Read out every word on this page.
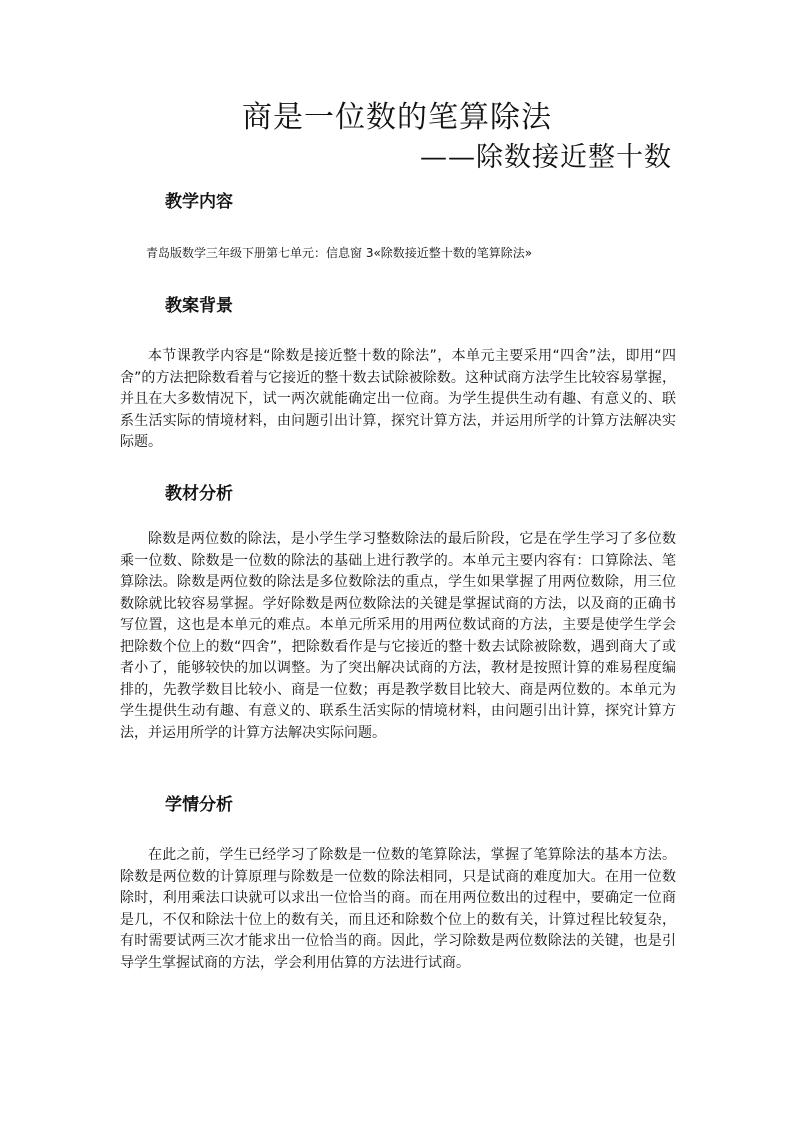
商是一位数的笔算除法
——除数接近整十数
教学内容

青岛版数学三年级下册第七单元：信息窗 3«除数接近整十数的笔算除法»

教案背景

本节课教学内容是“除数是接近整十数的除法”，本单元主要采用“四舍”法，即用“四舍”的方法把除数看着与它接近的整十数去试除被除数。这种试商方法学生比较容易掌握，并且在大多数情况下，试一两次就能确定出一位商。为学生提供生动有趣、有意义的、联系生活实际的情境材料，由问题引出计算，探究计算方法，并运用所学的计算方法解决实际题。

教材分析

除数是两位数的除法，是小学生学习整数除法的最后阶段，它是在学生学习了多位数乘一位数、除数是一位数的除法的基础上进行教学的。本单元主要内容有：口算除法、笔算除法。除数是两位数的除法是多位数除法的重点，学生如果掌握了用两位数除，用三位数除就比较容易掌握。学好除数是两位数除法的关键是掌握试商的方法，以及商的正确书写位置，这也是本单元的难点。本单元所采用的用两位数试商的方法，主要是使学生学会把除数个位上的数“四舍”，把除数看作是与它接近的整十数去试除被除数，遇到商大了或者小了，能够较快的加以调整。为了突出解决试商的方法，教材是按照计算的难易程度编排的，先教学数目比较小、商是一位数；再是教学数目比较大、商是两位数的。本单元为学生提供生动有趣、有意义的、联系生活实际的情境材料，由问题引出计算，探究计算方法，并运用所学的计算方法解决实际问题。

学情分析

在此之前，学生已经学习了除数是一位数的笔算除法，掌握了笔算除法的基本方法。除数是两位数的计算原理与除数是一位数的除法相同，只是试商的难度加大。在用一位数除时，利用乘法口诀就可以求出一位恰当的商。而在用两位数出的过程中，要确定一位商是几，不仅和除法十位上的数有关，而且还和除数个位上的数有关，计算过程比较复杂，有时需要试两三次才能求出一位恰当的商。因此，学习除数是两位数除法的关键，也是引导学生掌握试商的方法，学会利用估算的方法进行试商。
